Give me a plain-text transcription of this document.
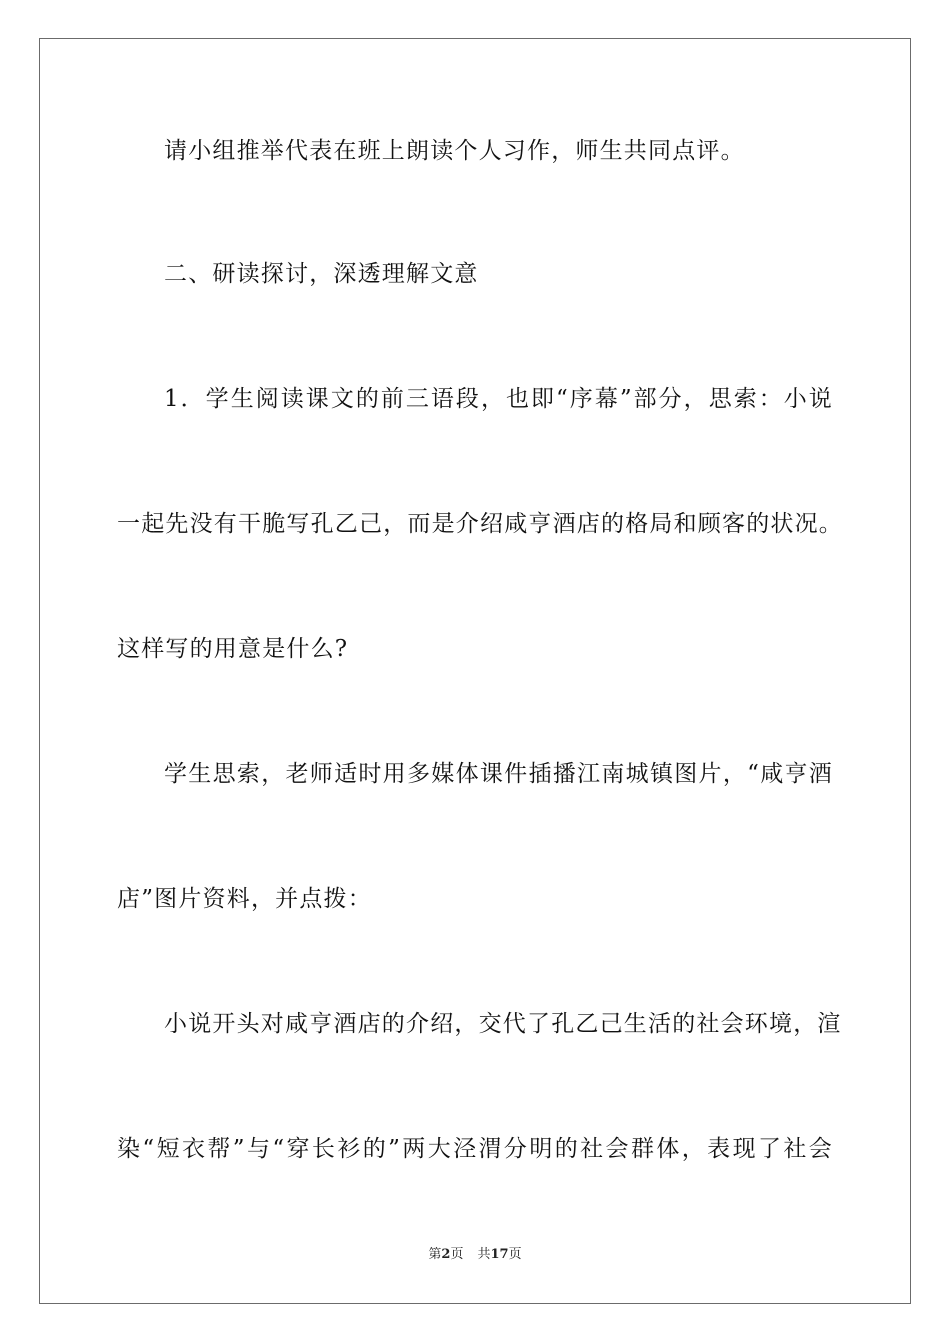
请小组推举代表在班上朗读个人习作，师生共同点评。
二、研读探讨，深透理解文意
1．学生阅读课文的前三语段，也即“序幕”部分，思索：小说
一起先没有干脆写孔乙己，而是介绍咸亨酒店的格局和顾客的状况。
这样写的用意是什么?
学生思索，老师适时用多媒体课件插播江南城镇图片，“咸亨酒
店”图片资料，并点拨：
小说开头对咸亨酒店的介绍，交代了孔乙己生活的社会环境，渲
染“短衣帮”与“穿长衫的”两大泾渭分明的社会群体，表现了社会
第2页 共17页
